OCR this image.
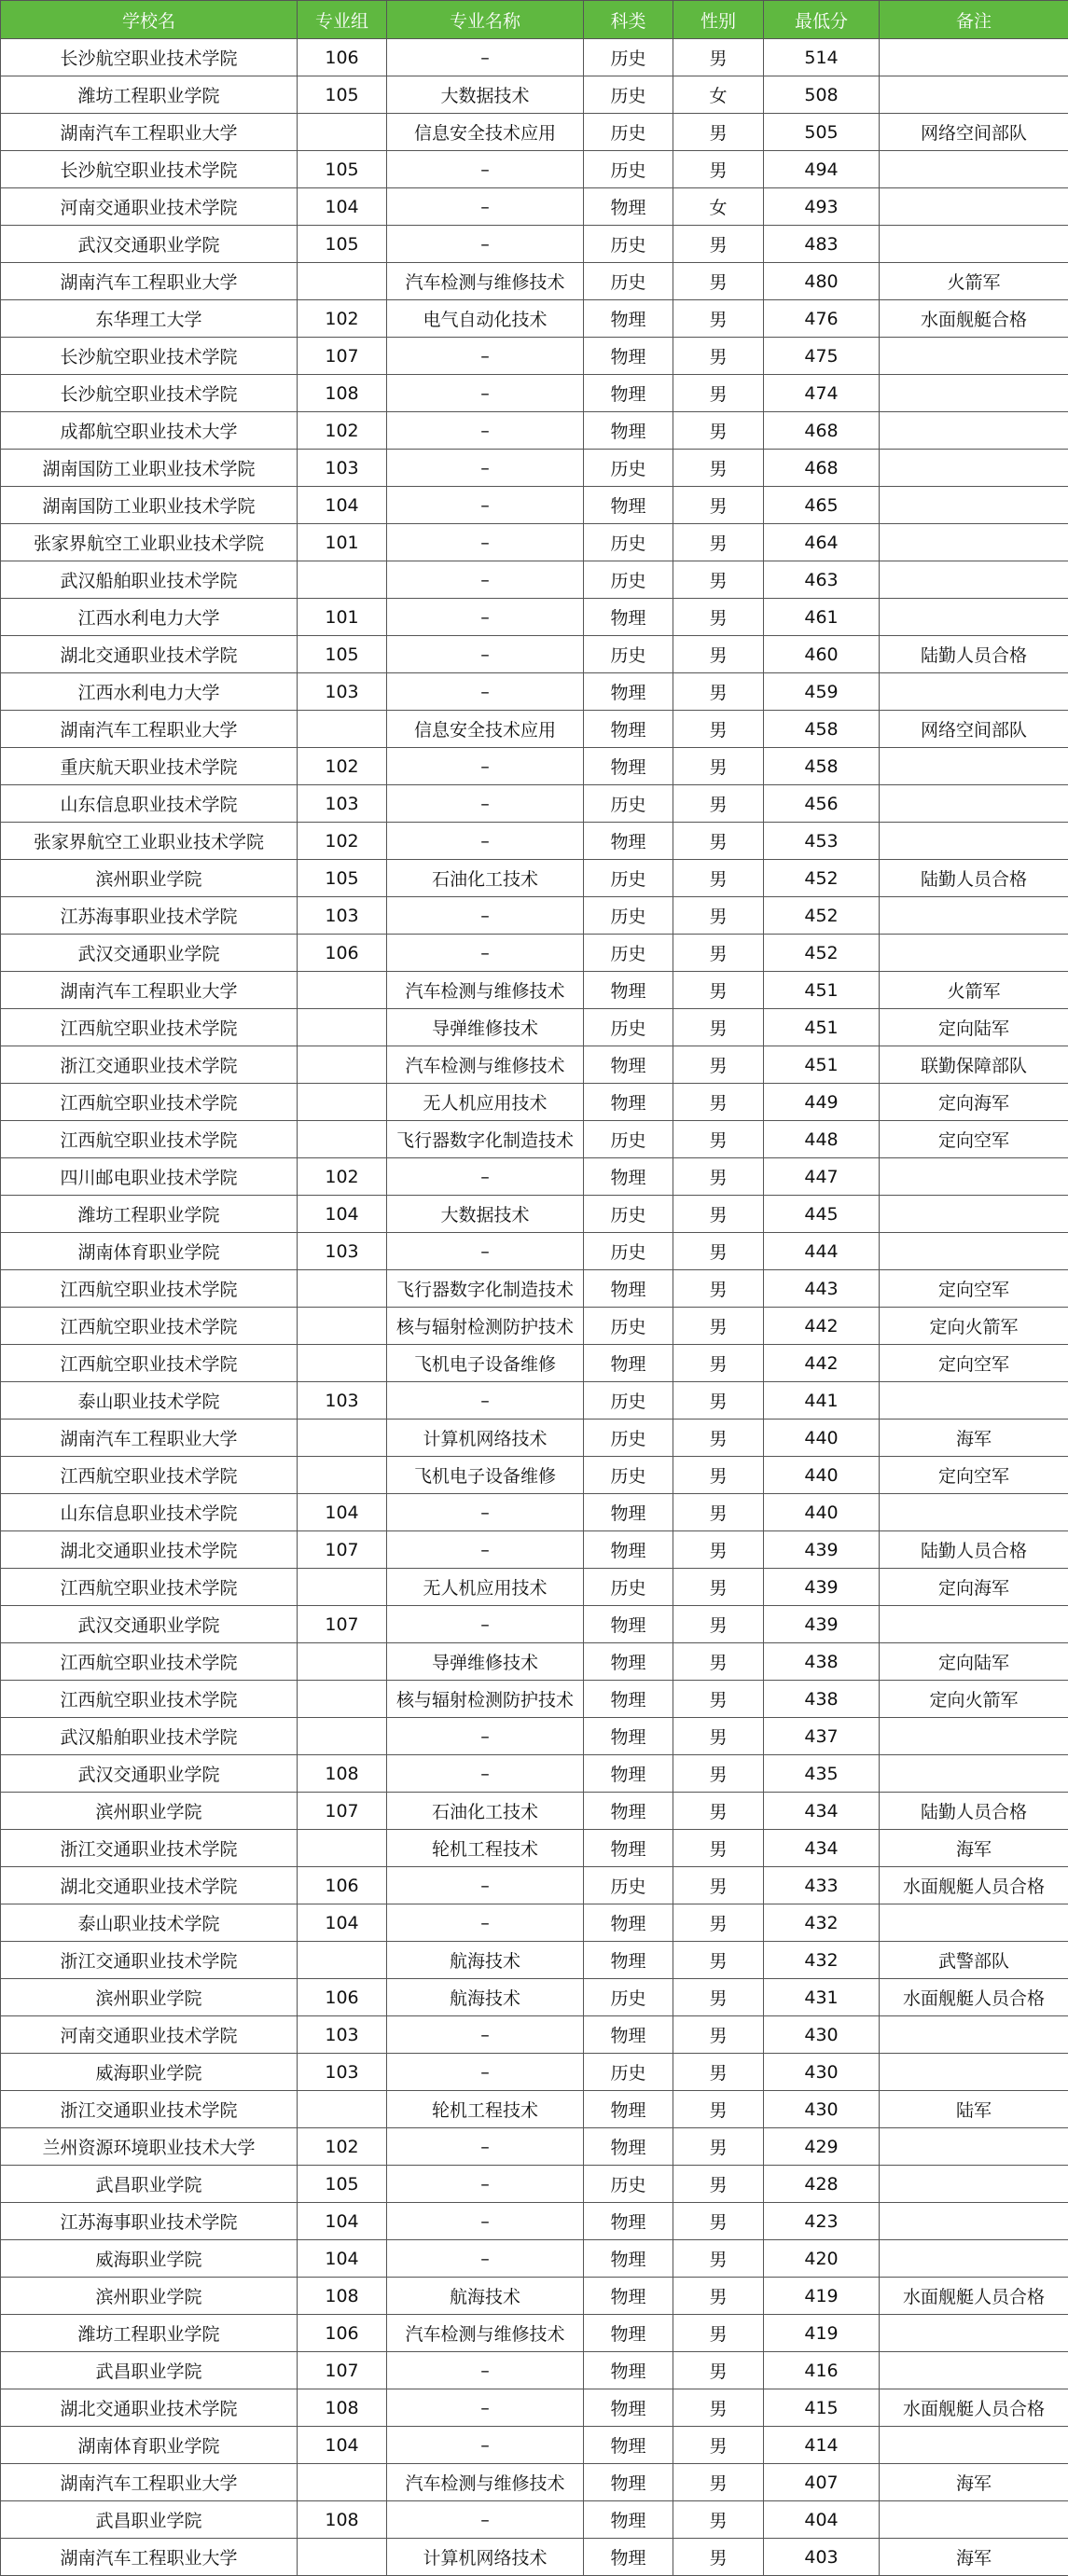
学校名	专业组	专业名称	科类	性别	最低分	备注
长沙航空职业技术学院	106	–	历史	男	514	
潍坊工程职业学院	105	大数据技术	历史	女	508	
湖南汽车工程职业大学		信息安全技术应用	历史	男	505	网络空间部队
长沙航空职业技术学院	105	–	历史	男	494	
河南交通职业技术学院	104	–	物理	女	493	
武汉交通职业学院	105	–	历史	男	483	
湖南汽车工程职业大学		汽车检测与维修技术	历史	男	480	火箭军
东华理工大学	102	电气自动化技术	物理	男	476	水面舰艇合格
长沙航空职业技术学院	107	–	物理	男	475	
长沙航空职业技术学院	108	–	物理	男	474	
成都航空职业技术大学	102	–	物理	男	468	
湖南国防工业职业技术学院	103	–	历史	男	468	
湖南国防工业职业技术学院	104	–	物理	男	465	
张家界航空工业职业技术学院	101	–	历史	男	464	
武汉船舶职业技术学院		–	历史	男	463	
江西水利电力大学	101	–	物理	男	461	
湖北交通职业技术学院	105	–	历史	男	460	陆勤人员合格
江西水利电力大学	103	–	物理	男	459	
湖南汽车工程职业大学		信息安全技术应用	物理	男	458	网络空间部队
重庆航天职业技术学院	102	–	物理	男	458	
山东信息职业技术学院	103	–	历史	男	456	
张家界航空工业职业技术学院	102	–	物理	男	453	
滨州职业学院	105	石油化工技术	历史	男	452	陆勤人员合格
江苏海事职业技术学院	103	–	历史	男	452	
武汉交通职业学院	106	–	历史	男	452	
湖南汽车工程职业大学		汽车检测与维修技术	物理	男	451	火箭军
江西航空职业技术学院		导弹维修技术	历史	男	451	定向陆军
浙江交通职业技术学院		汽车检测与维修技术	物理	男	451	联勤保障部队
江西航空职业技术学院		无人机应用技术	物理	男	449	定向海军
江西航空职业技术学院		飞行器数字化制造技术	历史	男	448	定向空军
四川邮电职业技术学院	102	–	物理	男	447	
潍坊工程职业学院	104	大数据技术	历史	男	445	
湖南体育职业学院	103	–	历史	男	444	
江西航空职业技术学院		飞行器数字化制造技术	物理	男	443	定向空军
江西航空职业技术学院		核与辐射检测防护技术	历史	男	442	定向火箭军
江西航空职业技术学院		飞机电子设备维修	物理	男	442	定向空军
泰山职业技术学院	103	–	历史	男	441	
湖南汽车工程职业大学		计算机网络技术	历史	男	440	海军
江西航空职业技术学院		飞机电子设备维修	历史	男	440	定向空军
山东信息职业技术学院	104	–	物理	男	440	
湖北交通职业技术学院	107	–	物理	男	439	陆勤人员合格
江西航空职业技术学院		无人机应用技术	历史	男	439	定向海军
武汉交通职业学院	107	–	物理	男	439	
江西航空职业技术学院		导弹维修技术	物理	男	438	定向陆军
江西航空职业技术学院		核与辐射检测防护技术	物理	男	438	定向火箭军
武汉船舶职业技术学院		–	物理	男	437	
武汉交通职业学院	108	–	物理	男	435	
滨州职业学院	107	石油化工技术	物理	男	434	陆勤人员合格
浙江交通职业技术学院		轮机工程技术	物理	男	434	海军
湖北交通职业技术学院	106	–	历史	男	433	水面舰艇人员合格
泰山职业技术学院	104	–	物理	男	432	
浙江交通职业技术学院		航海技术	物理	男	432	武警部队
滨州职业学院	106	航海技术	历史	男	431	水面舰艇人员合格
河南交通职业技术学院	103	–	物理	男	430	
威海职业学院	103	–	历史	男	430	
浙江交通职业技术学院		轮机工程技术	物理	男	430	陆军
兰州资源环境职业技术大学	102	–	物理	男	429	
武昌职业学院	105	–	历史	男	428	
江苏海事职业技术学院	104	–	物理	男	423	
威海职业学院	104	–	物理	男	420	
滨州职业学院	108	航海技术	物理	男	419	水面舰艇人员合格
潍坊工程职业学院	106	汽车检测与维修技术	物理	男	419	
武昌职业学院	107	–	物理	男	416	
湖北交通职业技术学院	108	–	物理	男	415	水面舰艇人员合格
湖南体育职业学院	104	–	物理	男	414	
湖南汽车工程职业大学		汽车检测与维修技术	物理	男	407	海军
武昌职业学院	108	–	物理	男	404	
湖南汽车工程职业大学		计算机网络技术	物理	男	403	海军
